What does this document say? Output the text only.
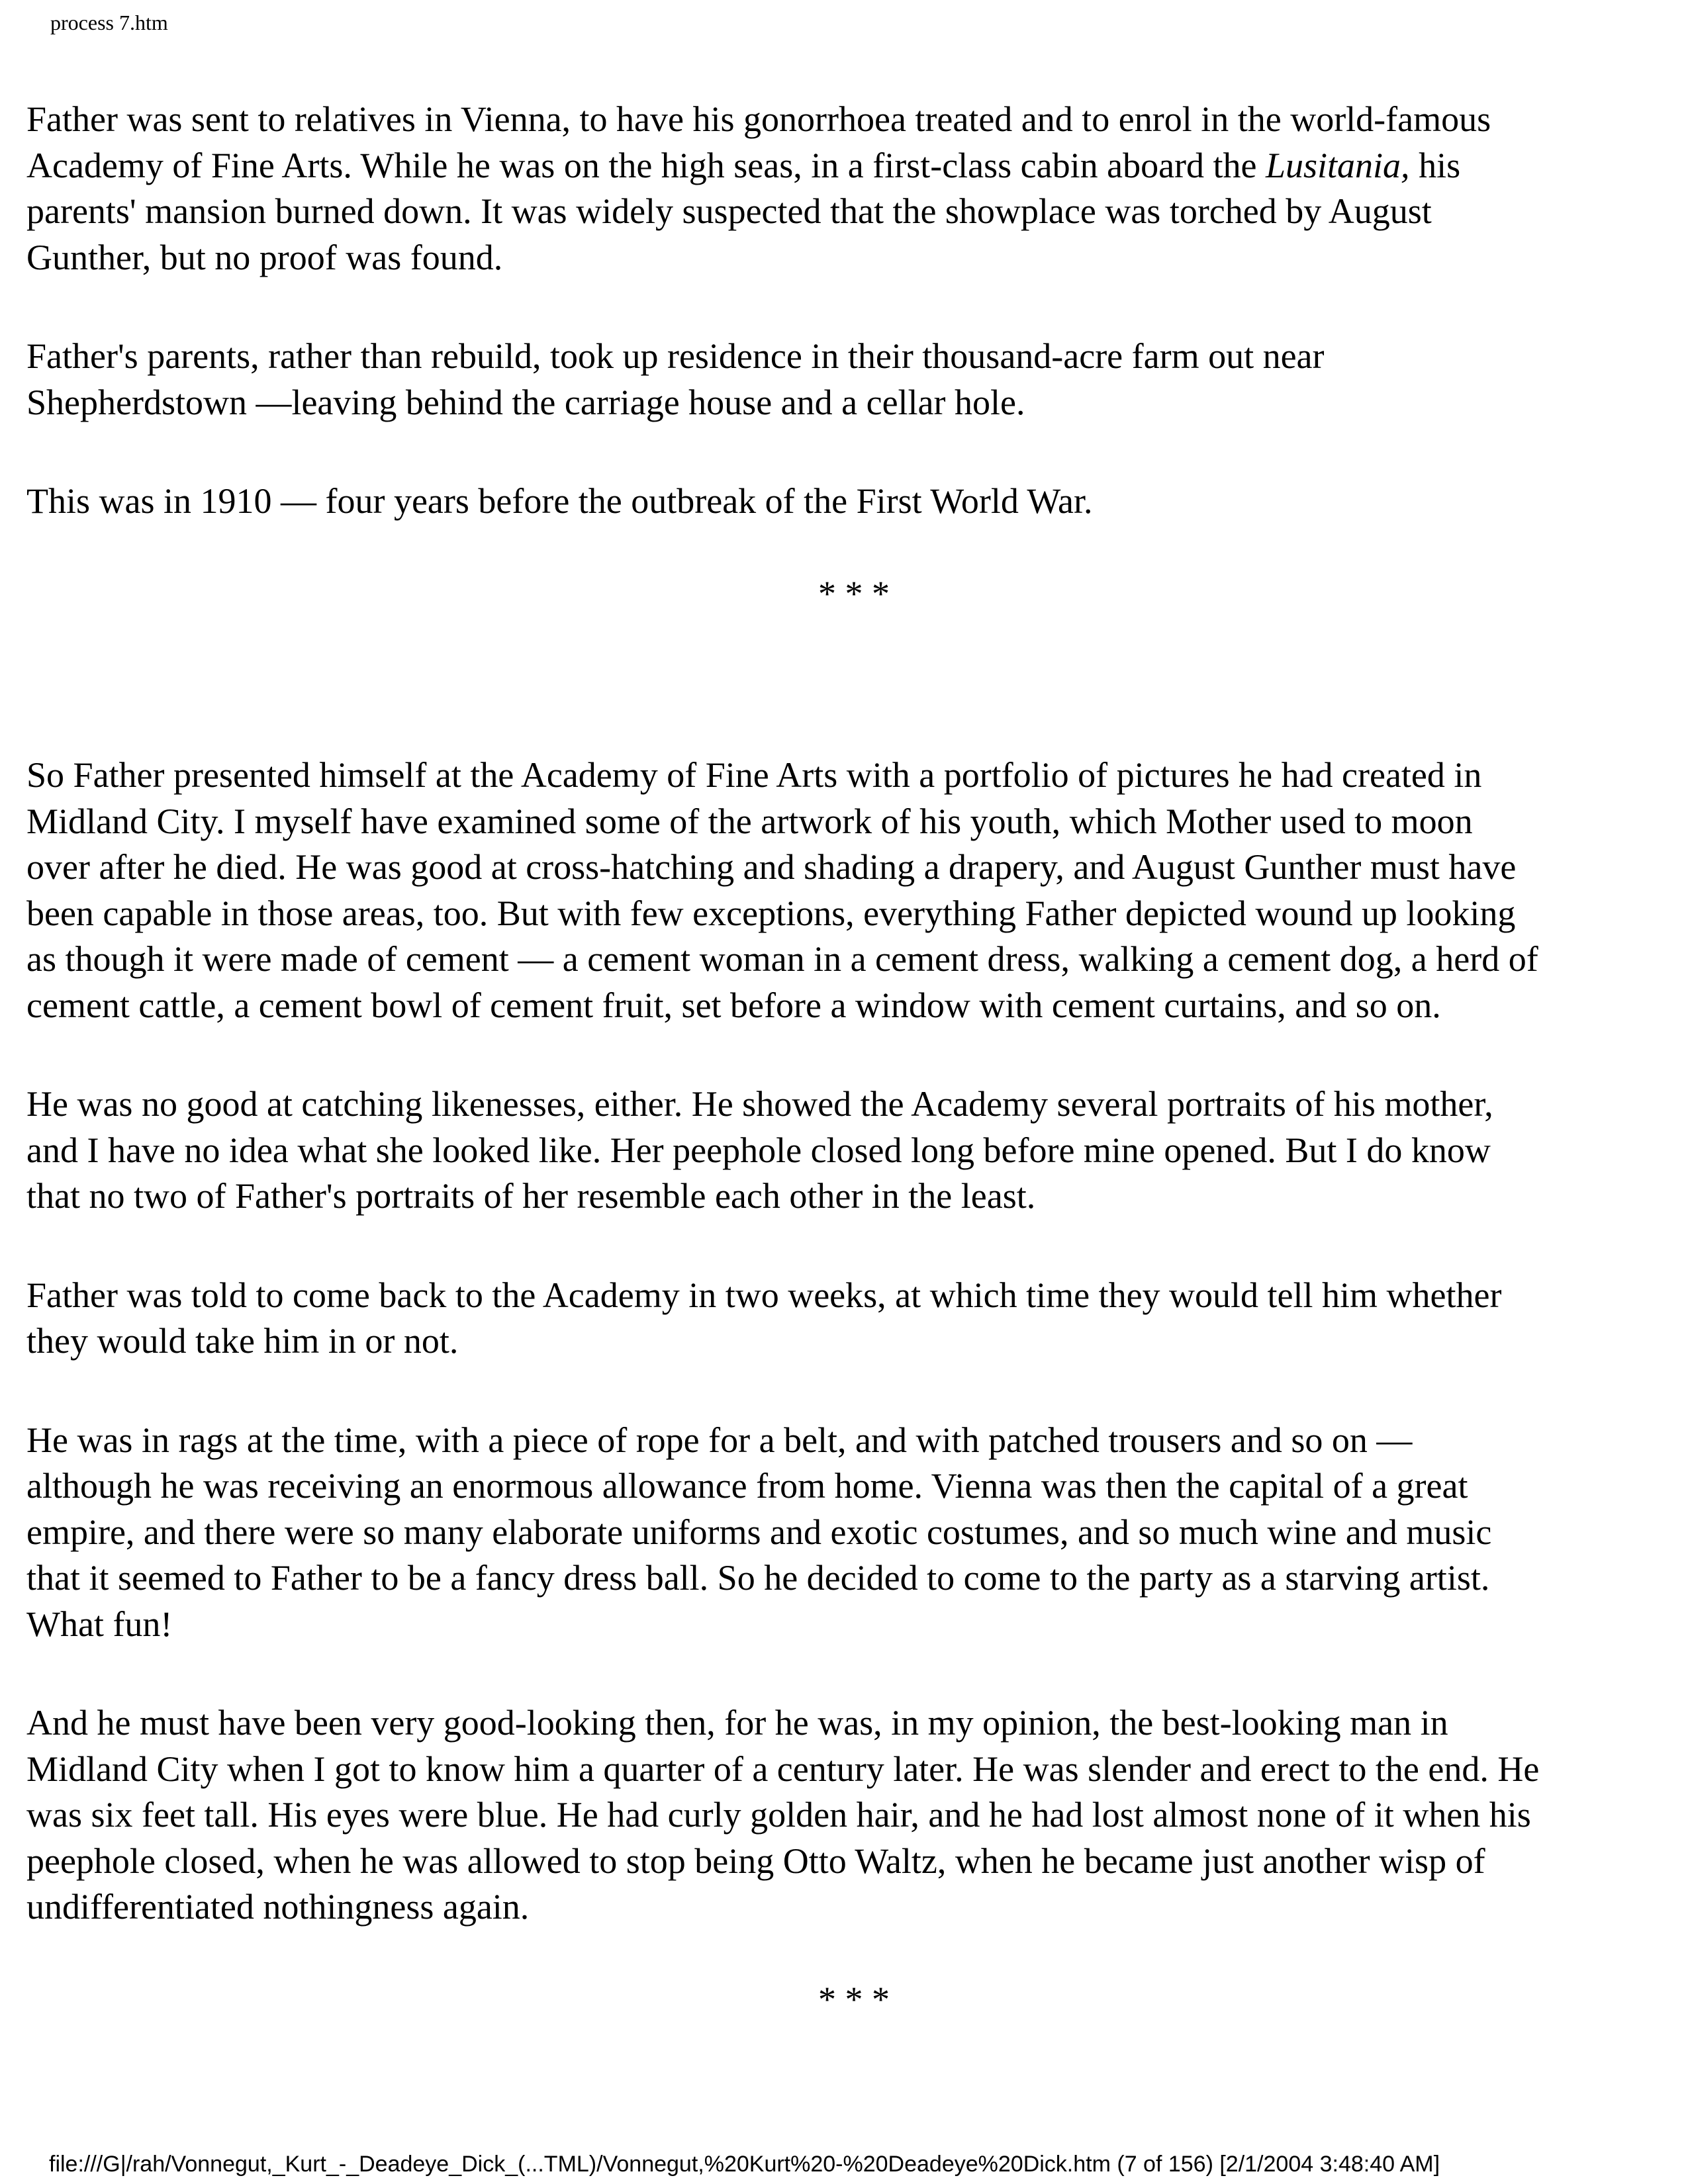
process 7.htm

Father was sent to relatives in Vienna, to have his gonorrhoea treated and to enrol in the world-famous
Academy of Fine Arts. While he was on the high seas, in a first-class cabin aboard the Lusitania, his
parents' mansion burned down. It was widely suspected that the showplace was torched by August
Gunther, but no proof was found.

Father's parents, rather than rebuild, took up residence in their thousand-acre farm out near
Shepherdstown —leaving behind the carriage house and a cellar hole.

This was in 1910 — four years before the outbreak of the First World War.

* * *

So Father presented himself at the Academy of Fine Arts with a portfolio of pictures he had created in
Midland City. I myself have examined some of the artwork of his youth, which Mother used to moon
over after he died. He was good at cross-hatching and shading a drapery, and August Gunther must have
been capable in those areas, too. But with few exceptions, everything Father depicted wound up looking
as though it were made of cement — a cement woman in a cement dress, walking a cement dog, a herd of
cement cattle, a cement bowl of cement fruit, set before a window with cement curtains, and so on.

He was no good at catching likenesses, either. He showed the Academy several portraits of his mother,
and I have no idea what she looked like. Her peephole closed long before mine opened. But I do know
that no two of Father's portraits of her resemble each other in the least.

Father was told to come back to the Academy in two weeks, at which time they would tell him whether
they would take him in or not.

He was in rags at the time, with a piece of rope for a belt, and with patched trousers and so on —
although he was receiving an enormous allowance from home. Vienna was then the capital of a great
empire, and there were so many elaborate uniforms and exotic costumes, and so much wine and music
that it seemed to Father to be a fancy dress ball. So he decided to come to the party as a starving artist.
What fun!

And he must have been very good-looking then, for he was, in my opinion, the best-looking man in
Midland City when I got to know him a quarter of a century later. He was slender and erect to the end. He
was six feet tall. His eyes were blue. He had curly golden hair, and he had lost almost none of it when his
peephole closed, when he was allowed to stop being Otto Waltz, when he became just another wisp of
undifferentiated nothingness again.

* * *
file:///G|/rah/Vonnegut,_Kurt_-_Deadeye_Dick_(...TML)/Vonnegut,%20Kurt%20-%20Deadeye%20Dick.htm (7 of 156) [2/1/2004 3:48:40 AM]
